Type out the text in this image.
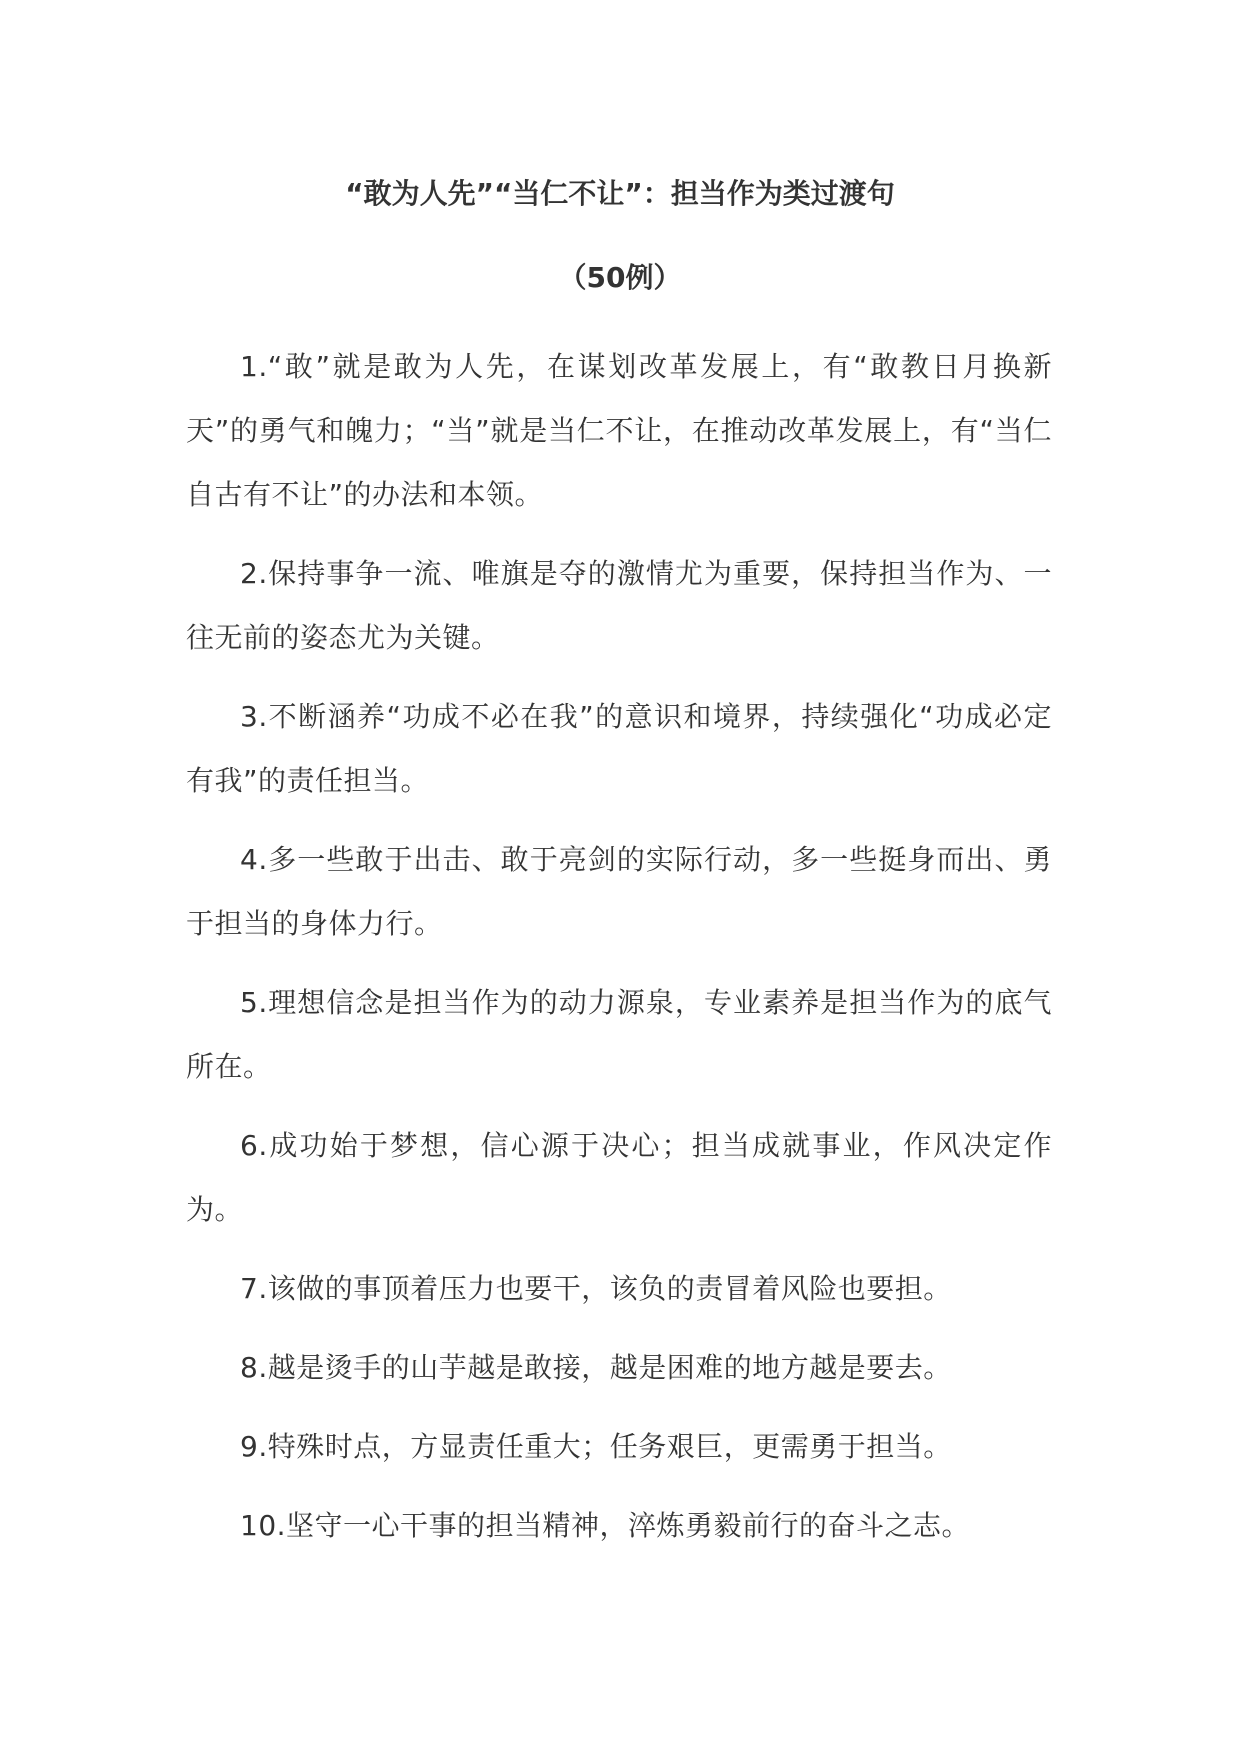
“敢为人先”“当仁不让”：担当作为类过渡句
（50例）

1.“敢”就是敢为人先，在谋划改革发展上，有“敢教日月换新天”的勇气和魄力；“当”就是当仁不让，在推动改革发展上，有“当仁自古有不让”的办法和本领。

2.保持事争一流、唯旗是夺的激情尤为重要，保持担当作为、一往无前的姿态尤为关键。

3.不断涵养“功成不必在我”的意识和境界，持续强化“功成必定有我”的责任担当。

4.多一些敢于出击、敢于亮剑的实际行动，多一些挺身而出、勇于担当的身体力行。

5.理想信念是担当作为的动力源泉，专业素养是担当作为的底气所在。

6.成功始于梦想，信心源于决心；担当成就事业，作风决定作为。

7.该做的事顶着压力也要干，该负的责冒着风险也要担。

8.越是烫手的山芋越是敢接，越是困难的地方越是要去。

9.特殊时点，方显责任重大；任务艰巨，更需勇于担当。

10.坚守一心干事的担当精神，淬炼勇毅前行的奋斗之志。
